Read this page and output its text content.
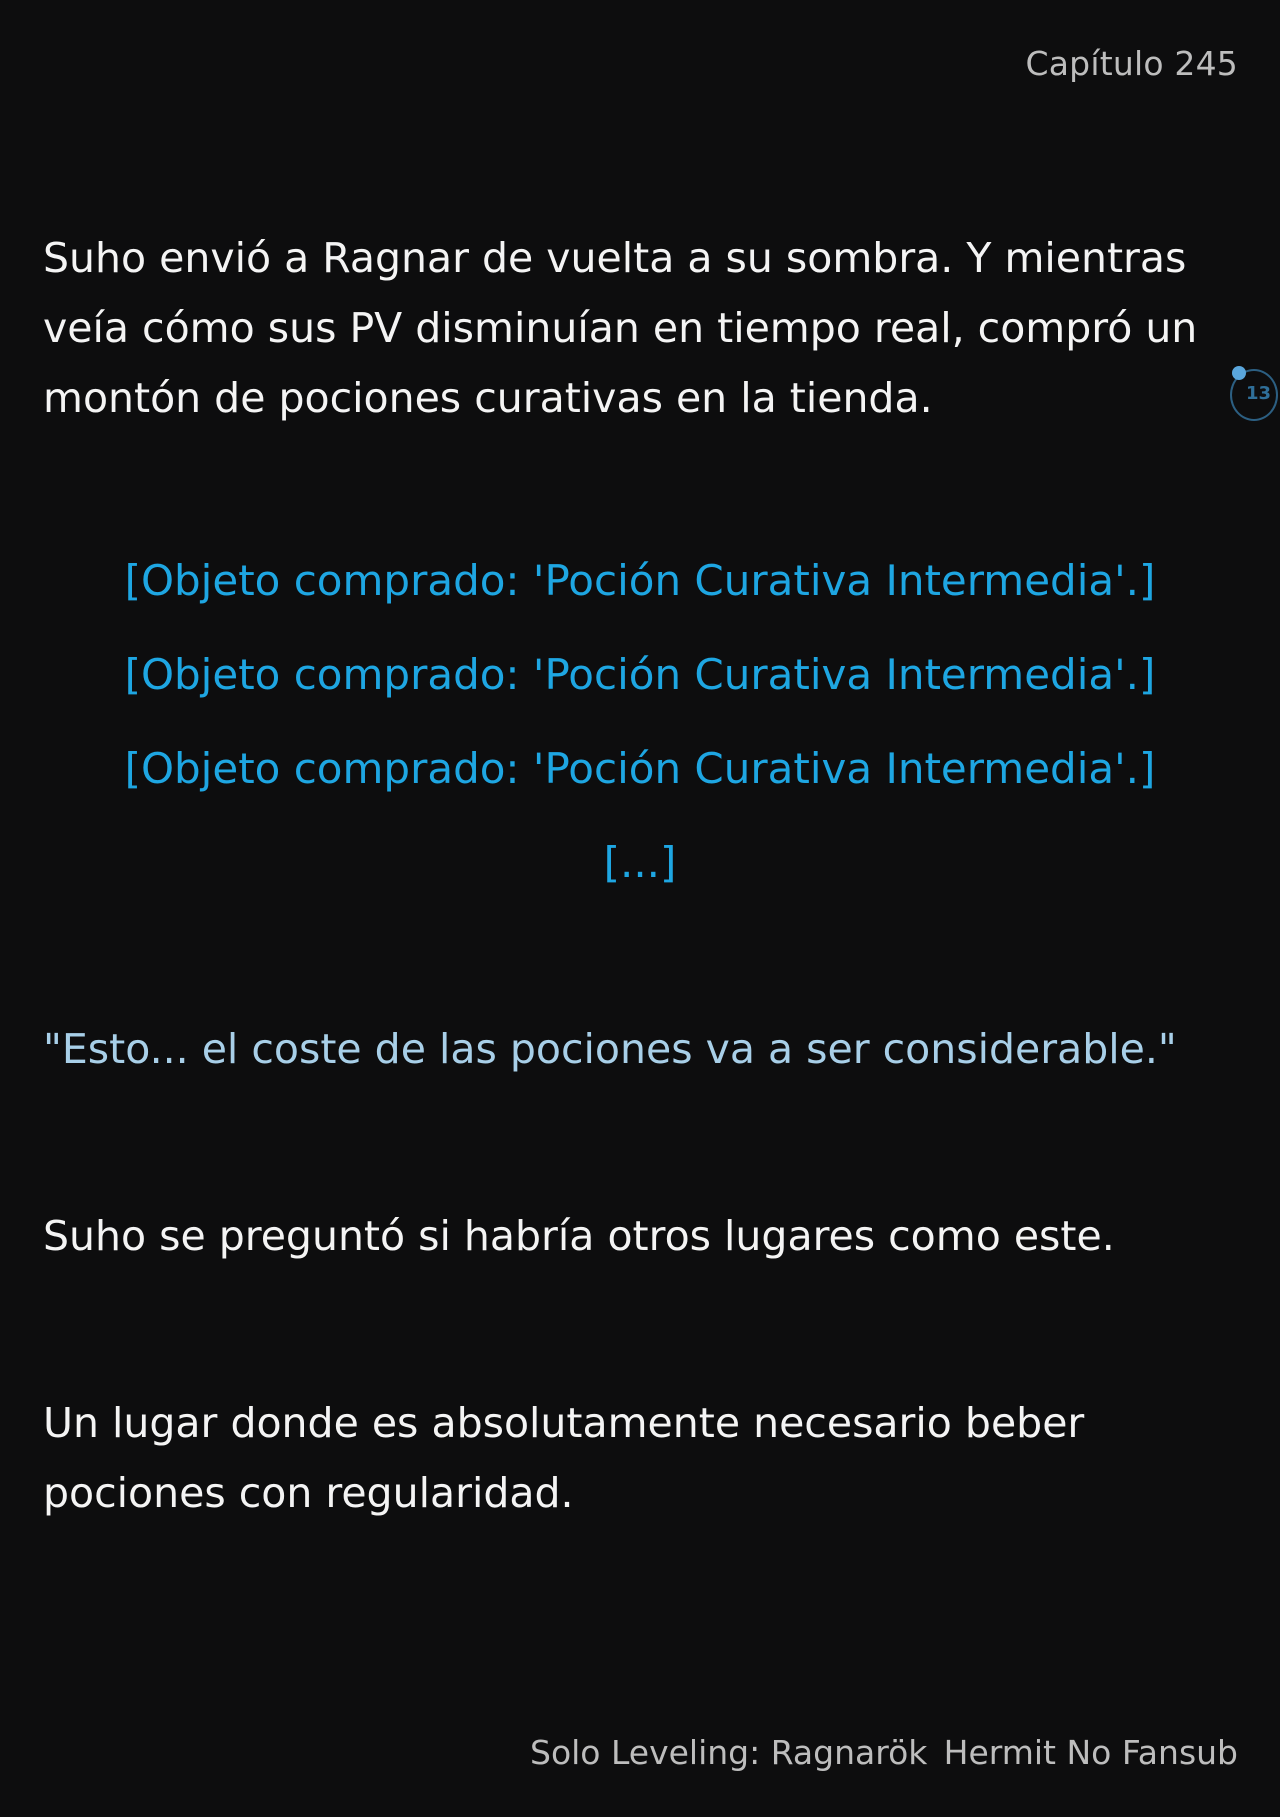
Capítulo 245

Suho envió a Ragnar de vuelta a su sombra. Y mientras veía cómo sus PV disminuían en tiempo real, compró un montón de pociones curativas en la tienda.	13

[Objeto comprado: 'Poción Curativa Intermedia'.]

[Objeto comprado: 'Poción Curativa Intermedia'.]

[Objeto comprado: 'Poción Curativa Intermedia'.]

[...]

"Esto... el coste de las pociones va a ser considerable."

Suho se preguntó si habría otros lugares como este.

Un lugar donde es absolutamente necesario beber pociones con regularidad.

Solo Leveling: Ragnarök Hermit No Fansub
